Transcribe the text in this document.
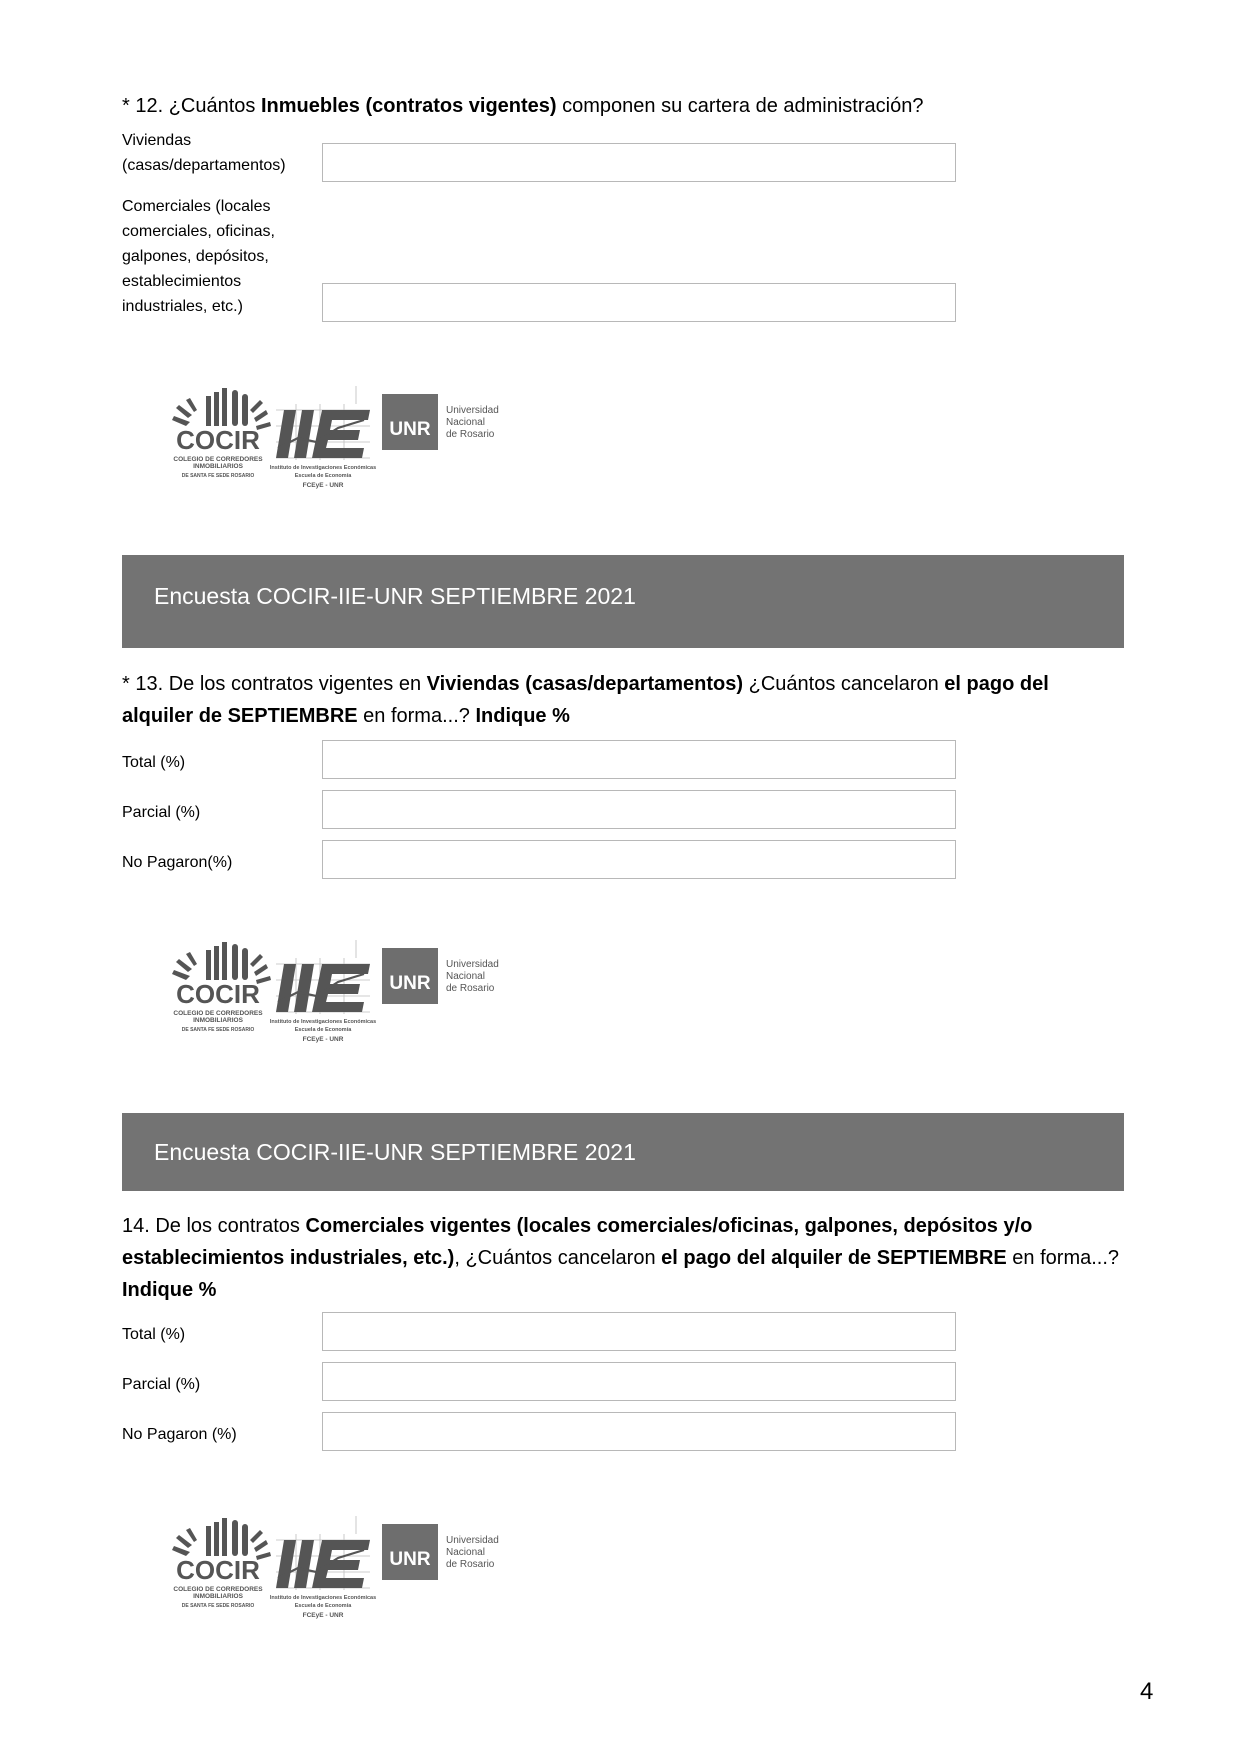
* 12. ¿Cuántos Inmuebles (contratos vigentes) componen su cartera de administración?

Viviendas (casas/departamentos)
Comerciales (locales comerciales, oficinas, galpones, depósitos, establecimientos industriales, etc.)
COCIR
COLEGIO DE CORREDORES
INMOBILIARIOS
DE SANTA FE SEDE ROSARIO
Instituto de Investigaciones Económicas
Escuela de Economía
FCEyE - UNR
UNR
Universidad
Nacional
de Rosario
Encuesta COCIR-IIE-UNR SEPTIEMBRE 2021

* 13. De los contratos vigentes en Viviendas (casas/departamentos) ¿Cuántos cancelaron el pago del alquiler de SEPTIEMBRE en forma...? Indique %

Total (%)
Parcial (%)
No Pagaron(%)
COCIR
COLEGIO DE CORREDORES
INMOBILIARIOS
DE SANTA FE SEDE ROSARIO
Instituto de Investigaciones Económicas
Escuela de Economía
FCEyE - UNR
UNR
Universidad
Nacional
de Rosario
Encuesta COCIR-IIE-UNR SEPTIEMBRE 2021

14. De los contratos Comerciales vigentes (locales comerciales/oficinas, galpones, depósitos y/o establecimientos industriales, etc.), ¿Cuántos cancelaron el pago del alquiler de SEPTIEMBRE en forma...? Indique %

Total (%)
Parcial (%)
No Pagaron (%)
COCIR
COLEGIO DE CORREDORES
INMOBILIARIOS
DE SANTA FE SEDE ROSARIO
Instituto de Investigaciones Económicas
Escuela de Economía
FCEyE - UNR
UNR
Universidad
Nacional
de Rosario
4
